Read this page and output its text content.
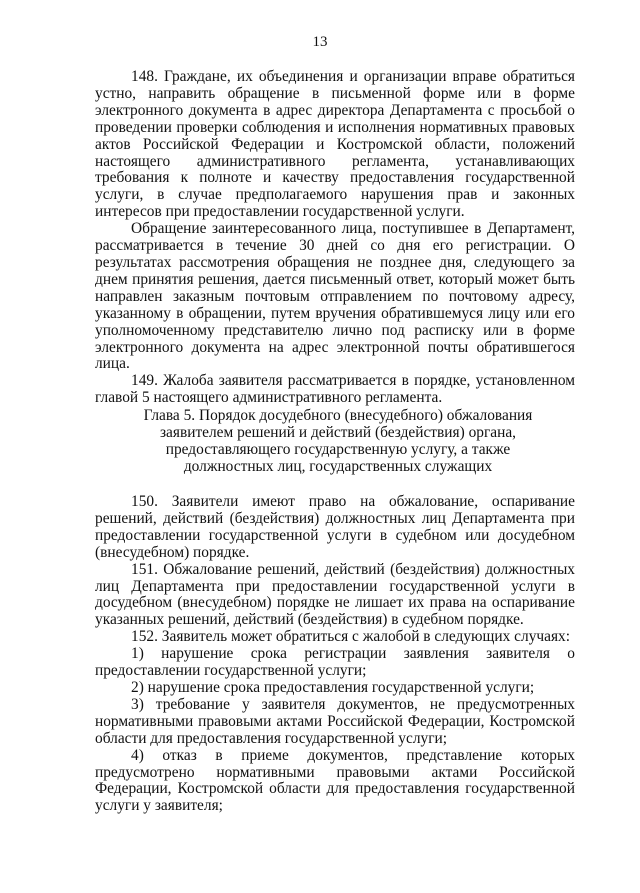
13

148. Граждане, их объединения и организации вправе обратиться устно, направить обращение в письменной форме или в форме электронного документа в адрес директора Департамента с просьбой о проведении проверки соблюдения и исполнения нормативных правовых актов Российской Федерации и Костромской области, положений настоящего административного регламента, устанавливающих требования к полноте и качеству предоставления государственной услуги, в случае предполагаемого нарушения прав и законных интересов при предоставлении государственной услуги.

Обращение заинтересованного лица, поступившее в Департамент, рассматривается в течение 30 дней со дня его регистрации. О результатах рассмотрения обращения не позднее дня, следующего за днем принятия решения, дается письменный ответ, который может быть направлен заказным почтовым отправлением по почтовому адресу, указанному в обращении, путем вручения обратившемуся лицу или его уполномоченному представителю лично под расписку или в форме электронного документа на адрес электронной почты обратившегося лица.

149. Жалоба заявителя рассматривается в порядке, установленном главой 5 настоящего административного регламента.

Глава 5. Порядок досудебного (внесудебного) обжалования заявителем решений и действий (бездействия) органа, предоставляющего государственную услугу, а также должностных лиц, государственных служащих

150. Заявители имеют право на обжалование, оспаривание решений, действий (бездействия) должностных лиц Департамента при предоставлении государственной услуги в судебном или досудебном (внесудебном) порядке.

151. Обжалование решений, действий (бездействия) должностных лиц Департамента при предоставлении государственной услуги в досудебном (внесудебном) порядке не лишает их права на оспаривание указанных решений, действий (бездействия) в судебном порядке.

152. Заявитель может обратиться с жалобой в следующих случаях:

1) нарушение срока регистрации заявления заявителя о предоставлении государственной услуги;

2) нарушение срока предоставления государственной услуги;

3) требование у заявителя документов, не предусмотренных нормативными правовыми актами Российской Федерации, Костромской области для предоставления государственной услуги;

4) отказ в приеме документов, представление которых предусмотрено нормативными правовыми актами Российской Федерации, Костромской области для предоставления государственной услуги у заявителя;
